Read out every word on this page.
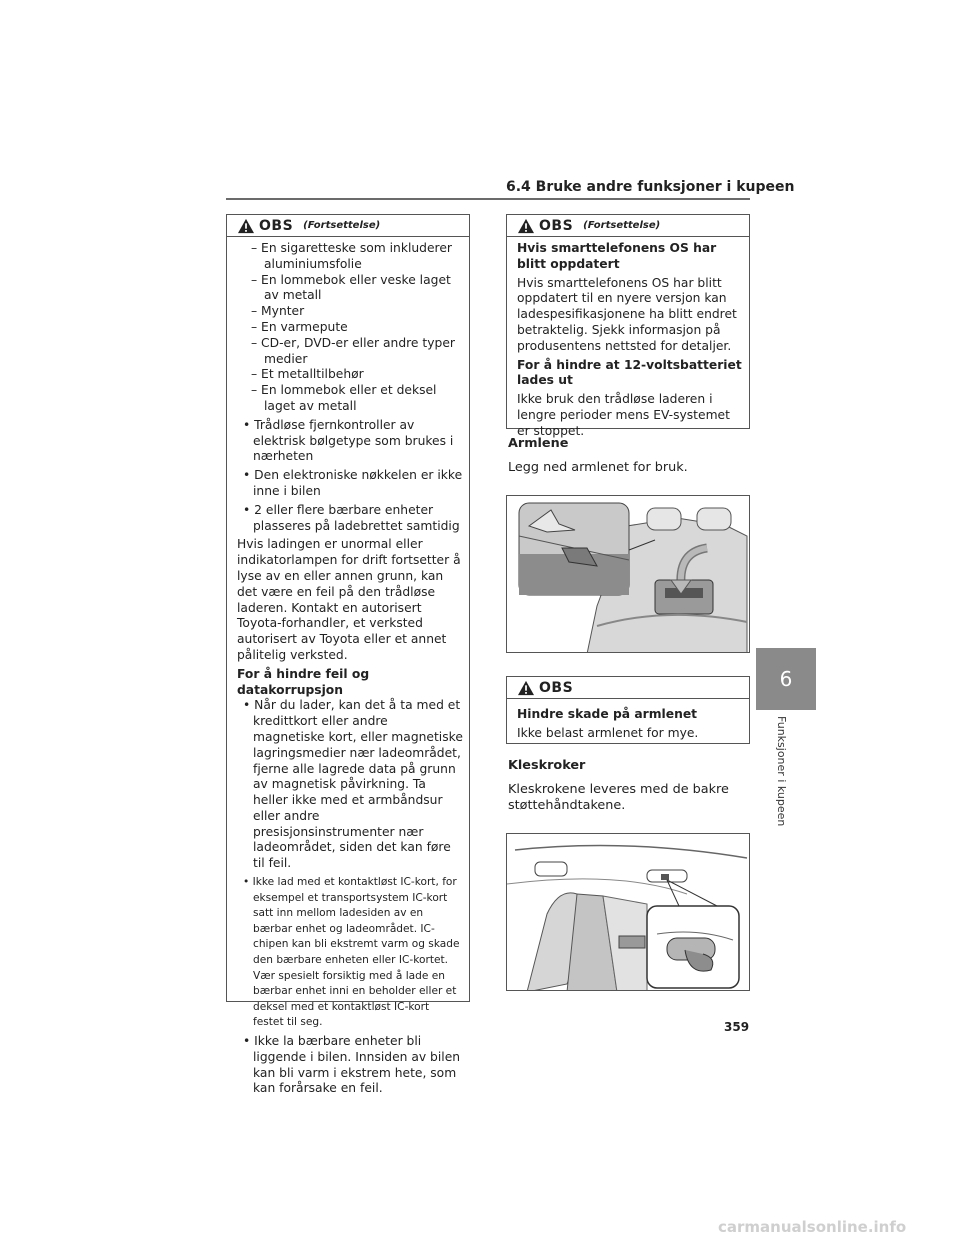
6.4 Bruke andre funksjoner i kupeen
6
Funksjoner i kupeen
OBS (Fortsettelse)
– En sigaretteske som inkluderer aluminiumsfolie
– En lommebok eller veske laget av metall
– Mynter
– En varmepute
– CD-er, DVD-er eller andre typer medier
– Et metalltilbehør
– En lommebok eller et deksel laget av metall
• Trådløse fjernkontroller av elektrisk bølgetype som brukes i nærheten
• Den elektroniske nøkkelen er ikke inne i bilen
• 2 eller flere bærbare enheter plasseres på ladebrettet samtidig
Hvis ladingen er unormal eller indikatorlampen for drift fortsetter å lyse av en eller annen grunn, kan det være en feil på den trådløse laderen. Kontakt en autorisert Toyota-forhandler, et verksted autorisert av Toyota eller et annet pålitelig verksted.
For å hindre feil og datakorrupsjon
• Når du lader, kan det å ta med et kredittkort eller andre magnetiske kort, eller magnetiske lagringsmedier nær ladeområdet, fjerne alle lagrede data på grunn av magnetisk påvirkning. Ta heller ikke med et armbåndsur eller andre presisjonsinstrumenter nær ladeområdet, siden det kan føre til feil.
• Ikke lad med et kontaktløst IC-kort, for eksempel et transportsystem IC-kort satt inn mellom ladesiden av en bærbar enhet og ladeområdet. IC-chipen kan bli ekstremt varm og skade den bærbare enheten eller IC-kortet. Vær spesielt forsiktig med å lade en bærbar enhet inni en beholder eller et deksel med et kontaktløst IC-kort festet til seg.
• Ikke la bærbare enheter bli liggende i bilen. Innsiden av bilen kan bli varm i ekstrem hete, som kan forårsake en feil.
OBS (Fortsettelse)
Hvis smarttelefonens OS har blitt oppdatert
Hvis smarttelefonens OS har blitt oppdatert til en nyere versjon kan ladespesifikasjonene ha blitt endret betraktelig. Sjekk informasjon på produsentens nettsted for detaljer.
For å hindre at 12-voltsbatteriet lades ut
Ikke bruk den trådløse laderen i lengre perioder mens EV-systemet er stoppet.
Armlene
Legg ned armlenet for bruk.
OBS
Hindre skade på armlenet
Ikke belast armlenet for mye.
Kleskroker
Kleskrokene leveres med de bakre støttehåndtakene.
359
carmanualsonline.info
